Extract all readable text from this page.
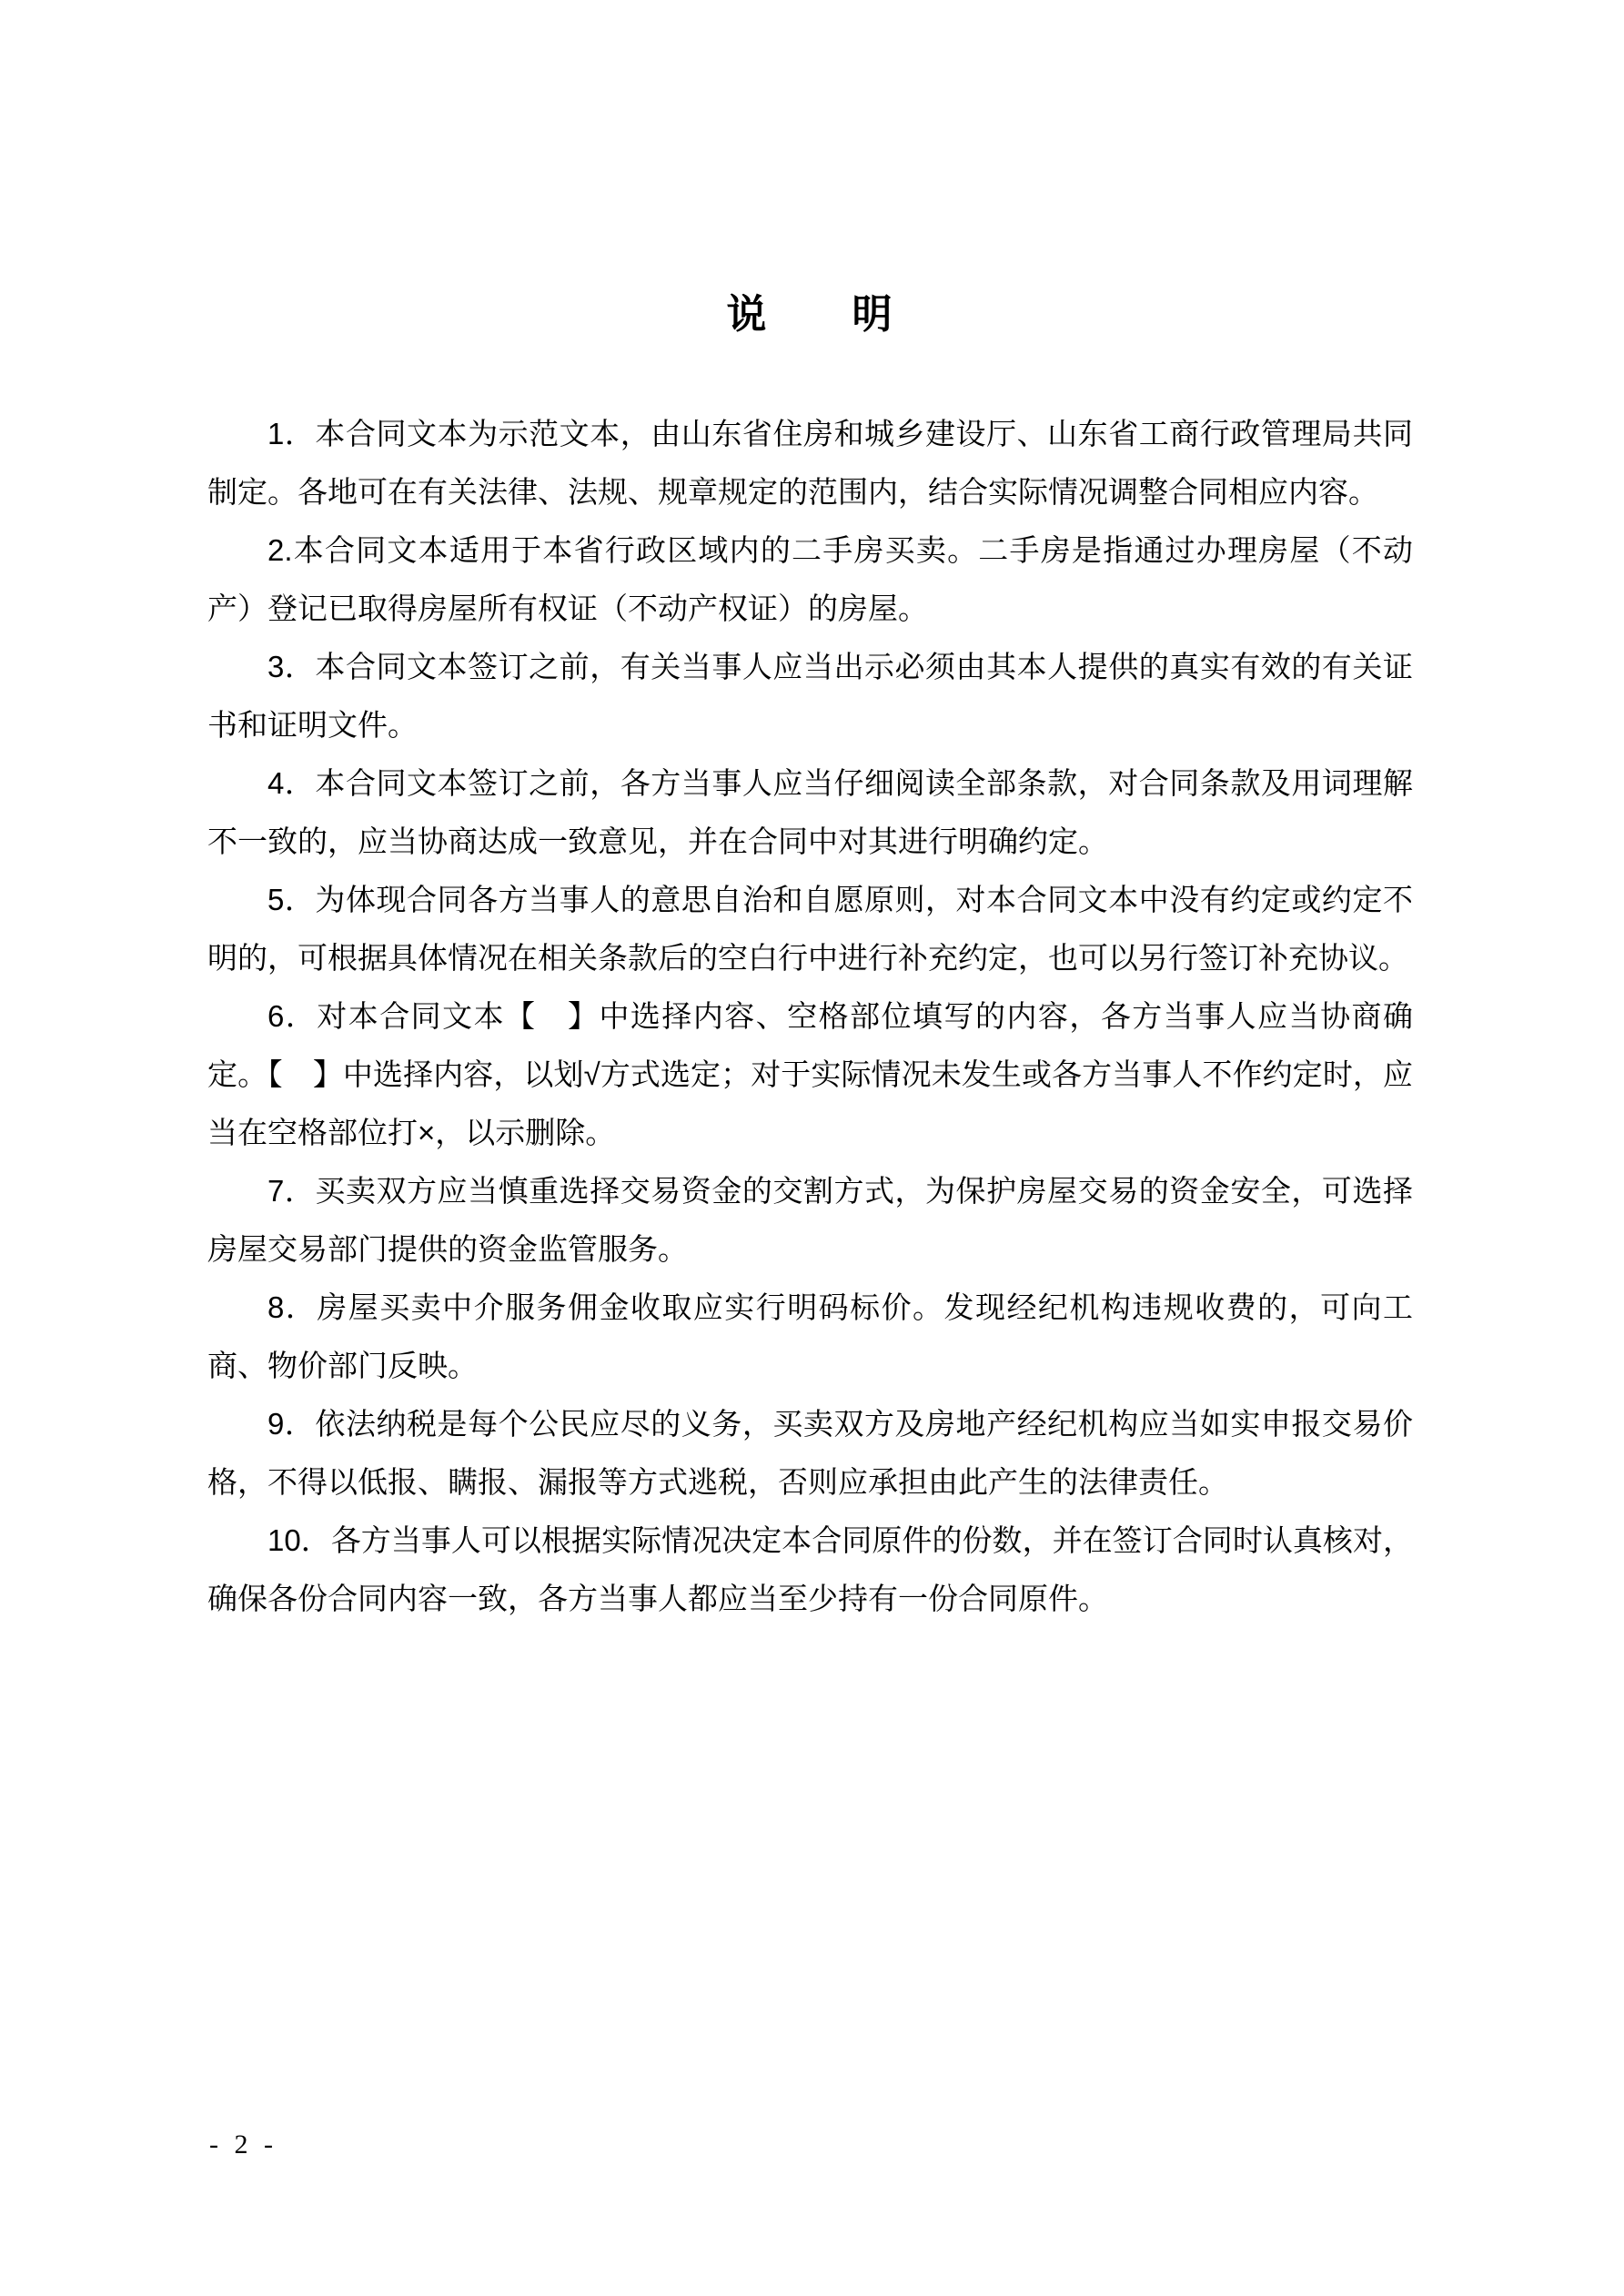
说　　明

1．本合同文本为示范文本，由山东省住房和城乡建设厅、山东省工商行政管理局共同制定。各地可在有关法律、法规、规章规定的范围内，结合实际情况调整合同相应内容。

2.本合同文本适用于本省行政区域内的二手房买卖。二手房是指通过办理房屋（不动产）登记已取得房屋所有权证（不动产权证）的房屋。

3．本合同文本签订之前，有关当事人应当出示必须由其本人提供的真实有效的有关证书和证明文件。

4．本合同文本签订之前，各方当事人应当仔细阅读全部条款，对合同条款及用词理解不一致的，应当协商达成一致意见，并在合同中对其进行明确约定。

5．为体现合同各方当事人的意思自治和自愿原则，对本合同文本中没有约定或约定不明的，可根据具体情况在相关条款后的空白行中进行补充约定，也可以另行签订补充协议。

6．对本合同文本【　】中选择内容、空格部位填写的内容，各方当事人应当协商确定。【　】中选择内容，以划√方式选定；对于实际情况未发生或各方当事人不作约定时，应当在空格部位打×，以示删除。

7．买卖双方应当慎重选择交易资金的交割方式，为保护房屋交易的资金安全，可选择房屋交易部门提供的资金监管服务。

8．房屋买卖中介服务佣金收取应实行明码标价。发现经纪机构违规收费的，可向工商、物价部门反映。

9．依法纳税是每个公民应尽的义务，买卖双方及房地产经纪机构应当如实申报交易价格，不得以低报、瞒报、漏报等方式逃税，否则应承担由此产生的法律责任。

10．各方当事人可以根据实际情况决定本合同原件的份数，并在签订合同时认真核对，确保各份合同内容一致，各方当事人都应当至少持有一份合同原件。

- 2 -
